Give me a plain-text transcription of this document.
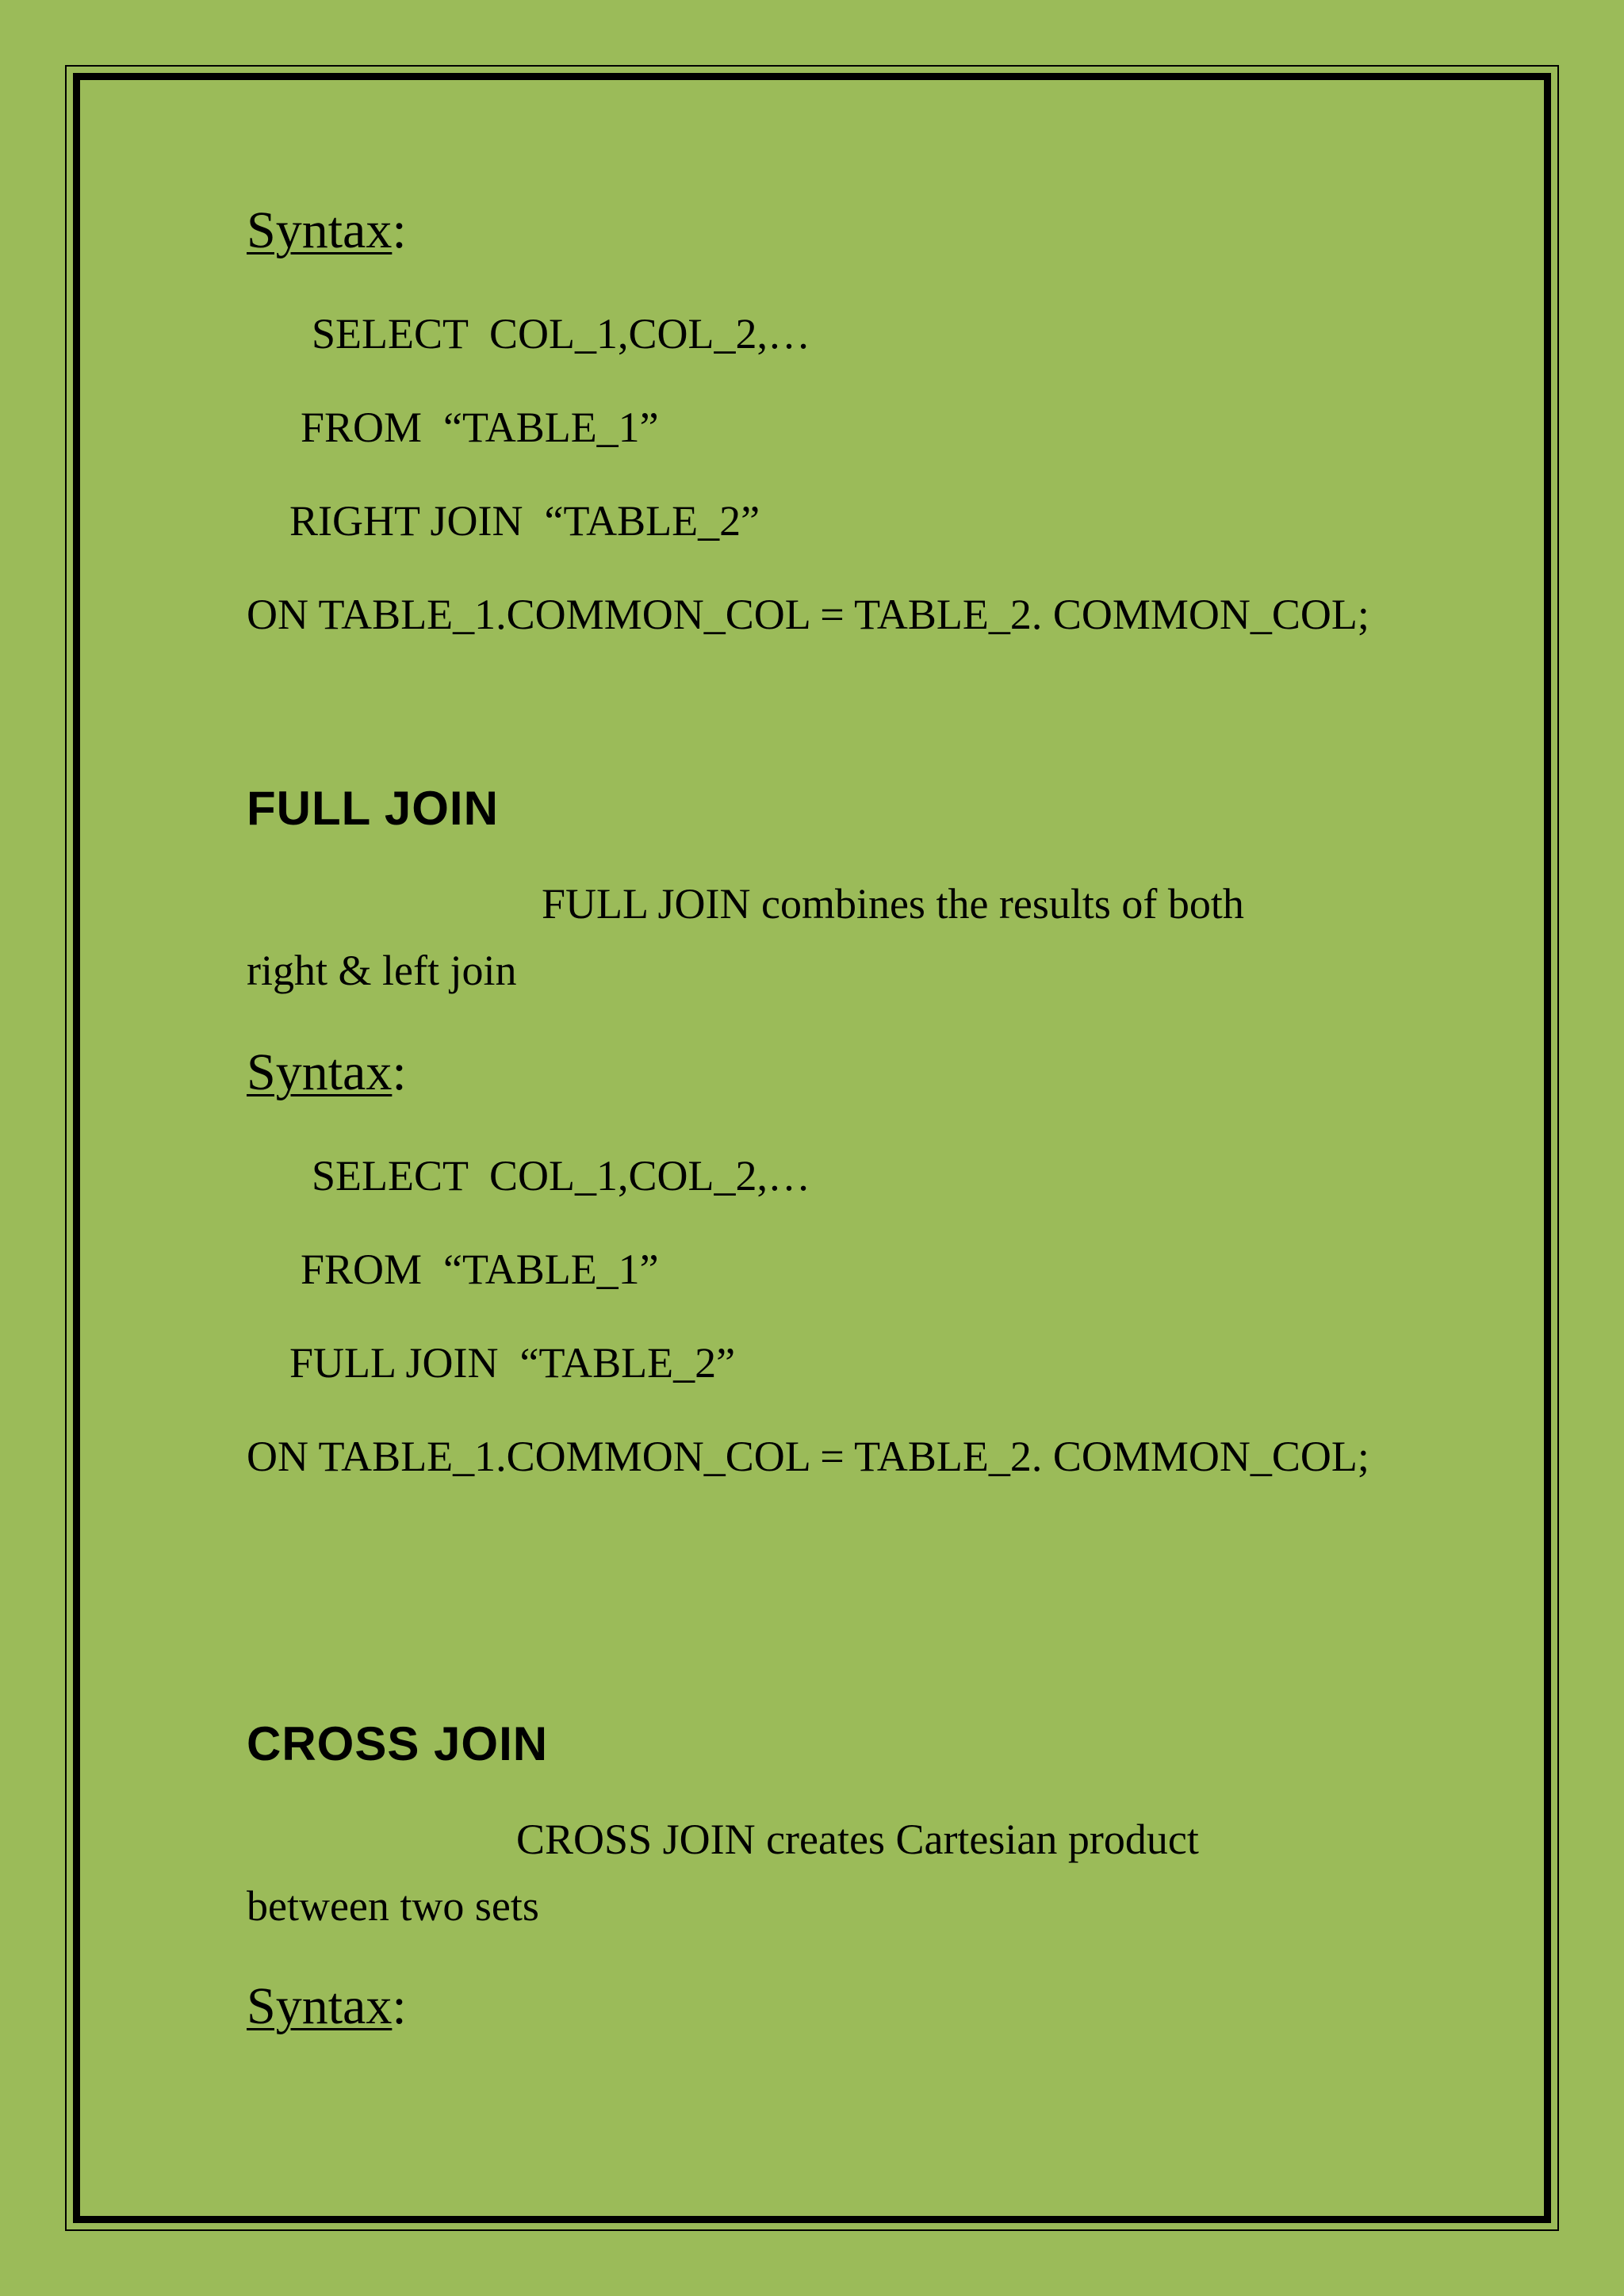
Syntax:
SELECT  COL_1,COL_2,…
FROM  “TABLE_1”
RIGHT JOIN  “TABLE_2”
ON TABLE_1.COMMON_COL = TABLE_2. COMMON_COL;
FULL JOIN
FULL JOIN combines the results of both
right & left join
Syntax:
SELECT  COL_1,COL_2,…
FROM  “TABLE_1”
FULL JOIN  “TABLE_2”
ON TABLE_1.COMMON_COL = TABLE_2. COMMON_COL;
CROSS JOIN
CROSS JOIN creates Cartesian product
between two sets
Syntax:
